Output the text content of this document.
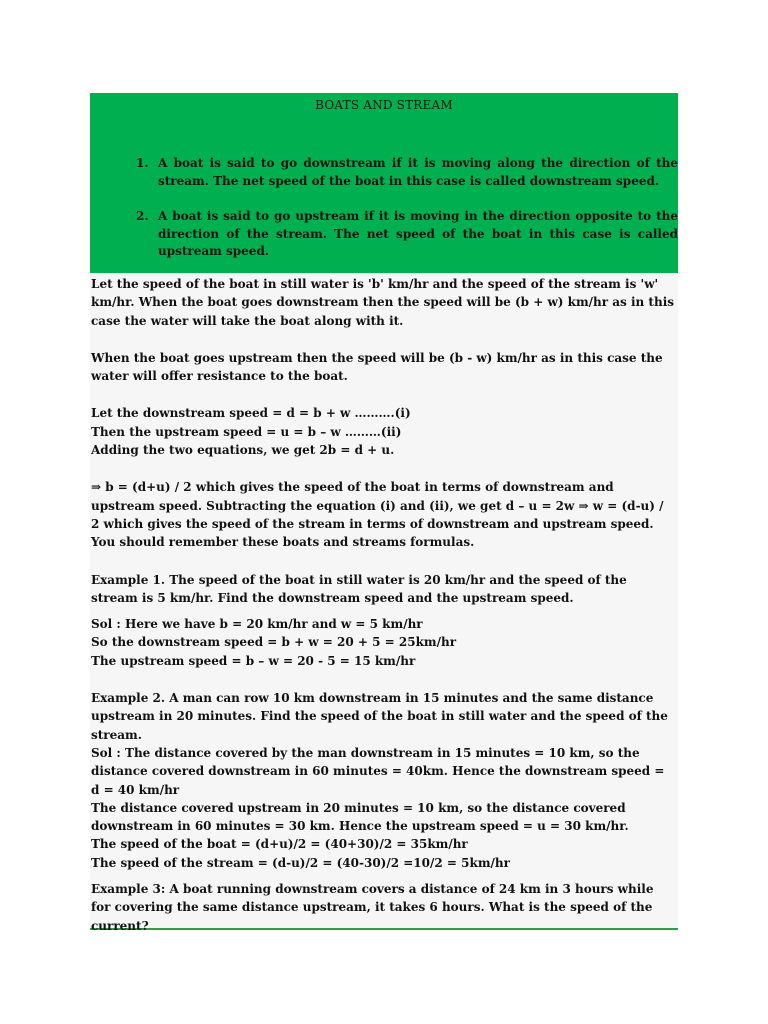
BOATS AND STREAM
1. A boat is said to go downstream if it is moving along the direction of the stream. The net speed of the boat in this case is called downstream speed.
2. A boat is said to go upstream if it is moving in the direction opposite to the direction of the stream. The net speed of the boat in this case is called upstream speed.

Let the speed of the boat in still water is 'b' km/hr and the speed of the stream is 'w' km/hr. When the boat goes downstream then the speed will be (b + w) km/hr as in this case the water will take the boat along with it.

When the boat goes upstream then the speed will be (b - w) km/hr as in this case the water will offer resistance to the boat.

Let the downstream speed = d = b + w ……….(i)

Then the upstream speed = u = b – w ………(ii)

Adding the two equations, we get 2b = d + u.

⇒ b = (d+u) / 2 which gives the speed of the boat in terms of downstream and upstream speed. Subtracting the equation (i) and (ii), we get d – u = 2w ⇒ w = (d-u) / 2 which gives the speed of the stream in terms of downstream and upstream speed. You should remember these boats and streams formulas.

Example 1. The speed of the boat in still water is 20 km/hr and the speed of the stream is 5 km/hr. Find the downstream speed and the upstream speed.

Sol : Here we have b = 20 km/hr and w = 5 km/hr

So the downstream speed = b + w = 20 + 5 = 25km/hr

The upstream speed = b – w = 20 - 5 = 15 km/hr

Example 2. A man can row 10 km downstream in 15 minutes and the same distance upstream in 20 minutes. Find the speed of the boat in still water and the speed of the stream.

Sol : The distance covered by the man downstream in 15 minutes = 10 km, so the distance covered downstream in 60 minutes = 40km. Hence the downstream speed = d = 40 km/hr

The distance covered upstream in 20 minutes = 10 km, so the distance covered downstream in 60 minutes = 30 km. Hence the upstream speed = u = 30 km/hr.

The speed of the boat = (d+u)/2 = (40+30)/2 = 35km/hr

The speed of the stream = (d-u)/2 = (40-30)/2 =10/2 = 5km/hr

Example 3: A boat running downstream covers a distance of 24 km in 3 hours while for covering the same distance upstream, it takes 6 hours. What is the speed of the current?
